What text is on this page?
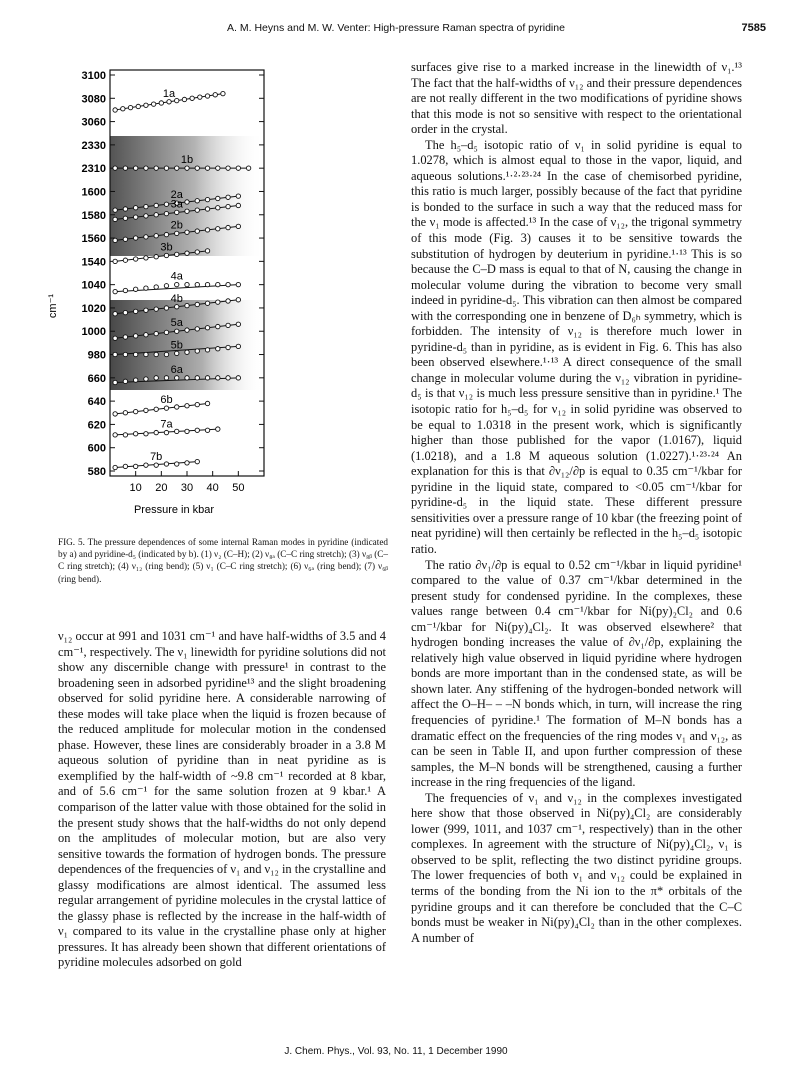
A. M. Heyns and M. W. Venter: High-pressure Raman spectra of pyridine	7585
1a
1b
2a
3a
2b
3b
4a
4b
5a
5b
6a
6b
7a
7b
3100
3080
3060
2330
2310
1600
1580
1560
1540
1040
1020
1000
980
660
640
620
600
580
10 20 30 40 50
cm⁻¹
Pressure in kbar
FIG. 5. The pressure dependences of some internal Raman modes in pyridine (indicated by a) and pyridine-d₅ (indicated by b). (1) ν₂ (C–H); (2) ν₈ₐ (C–C ring stretch); (3) ν₈ᵦ (C–C ring stretch); (4) ν₁₂ (ring bend); (5) ν₁ (C–C ring stretch); (6) ν₆ₐ (ring bend); (7) ν₆ᵦ (ring bend).

ν₁₂ occur at 991 and 1031 cm⁻¹ and have half-widths of 3.5 and 4 cm⁻¹, respectively. The ν₁ linewidth for pyridine solutions did not show any discernible change with pressure¹ in contrast to the broadening seen in adsorbed pyridine¹³ and the slight broadening observed for solid pyridine here. A considerable narrowing of these modes will take place when the liquid is frozen because of the reduced amplitude for molecular motion in the condensed phase. However, these lines are considerably broader in a 3.8 M aqueous solution of pyridine than in neat pyridine as is exemplified by the half-width of ~9.8 cm⁻¹ recorded at 8 kbar, and of 5.6 cm⁻¹ for the same solution frozen at 9 kbar.¹ A comparison of the latter value with those obtained for the solid in the present study shows that the half-widths do not only depend on the amplitudes of molecular motion, but are also very sensitive towards the formation of hydrogen bonds. The pressure dependences of the frequencies of ν₁ and ν₁₂ in the crystalline and glassy modifications are almost identical. The assumed less regular arrangement of pyridine molecules in the crystal lattice of the glassy phase is reflected by the increase in the half-width of ν₁ compared to its value in the crystalline phase only at higher pressures. It has already been shown that different orientations of pyridine molecules adsorbed on gold

surfaces give rise to a marked increase in the linewidth of ν₁.¹³ The fact that the half-widths of ν₁₂ and their pressure dependences are not really different in the two modifications of pyridine shows that this mode is not so sensitive with respect to the orientational order in the crystal.

The h₅–d₅ isotopic ratio of ν₁ in solid pyridine is equal to 1.0278, which is almost equal to those in the vapor, liquid, and aqueous solutions.¹·²·²³·²⁴ In the case of chemisorbed pyridine, this ratio is much larger, possibly because of the fact that pyridine is bonded to the surface in such a way that the reduced mass for the ν₁ mode is affected.¹³ In the case of ν₁₂, the trigonal symmetry of this mode (Fig. 3) causes it to be sensitive towards the substitution of hydrogen by deuterium in pyridine.¹·¹³ This is so because the C–D mass is equal to that of N, causing the change in molecular volume during the vibration to become very small indeed in pyridine-d₅. This vibration can then almost be compared with the corresponding one in benzene of D₆ₕ symmetry, which is forbidden. The intensity of ν₁₂ is therefore much lower in pyridine-d₅ than in pyridine, as is evident in Fig. 6. This has also been observed elsewhere.¹·¹³ A direct consequence of the small change in molecular volume during the ν₁₂ vibration in pyridine-d₅ is that ν₁₂ is much less pressure sensitive than in pyridine.¹ The isotopic ratio for h₅–d₅ for ν₁₂ in solid pyridine was observed to be equal to 1.0318 in the present work, which is significantly higher than those published for the vapor (1.0167), liquid (1.0218), and a 1.8 M aqueous solution (1.0227).¹·²³·²⁴ An explanation for this is that ∂ν₁₂/∂p is equal to 0.35 cm⁻¹/kbar for pyridine in the liquid state, compared to <0.05 cm⁻¹/kbar for pyridine-d₅ in the liquid state. These different pressure sensitivities over a pressure range of 10 kbar (the freezing point of neat pyridine) will then certainly be reflected in the h₅–d₅ isotopic ratio.

The ratio ∂ν₁/∂p is equal to 0.52 cm⁻¹/kbar in liquid pyridine¹ compared to the value of 0.37 cm⁻¹/kbar determined in the present study for condensed pyridine. In the complexes, these values range between 0.4 cm⁻¹/kbar for Ni(py)₂Cl₂ and 0.6 cm⁻¹/kbar for Ni(py)₄Cl₂. It was observed elsewhere² that hydrogen bonding increases the value of ∂ν₁/∂p, explaining the relatively high value observed in liquid pyridine where hydrogen bonds are more important than in the condensed state, as will be shown later. Any stiffening of the hydrogen-bonded network will affect the O–H– – –N bonds which, in turn, will increase the ring frequencies of pyridine.¹ The formation of M–N bonds has a dramatic effect on the frequencies of the ring modes ν₁ and ν₁₂, as can be seen in Table II, and upon further compression of these samples, the M–N bonds will be strengthened, causing a further increase in the ring frequencies of the ligand.

The frequencies of ν₁ and ν₁₂ in the complexes investigated here show that those observed in Ni(py)₄Cl₂ are considerably lower (999, 1011, and 1037 cm⁻¹, respectively) than in the other complexes. In agreement with the structure of Ni(py)₄Cl₂, ν₁ is observed to be split, reflecting the two distinct pyridine groups. The lower frequencies of both ν₁ and ν₁₂ could be explained in terms of the bonding from the Ni ion to the π* orbitals of the pyridine groups and it can therefore be concluded that the C–C bonds must be weaker in Ni(py)₄Cl₂ than in the other complexes. A number of

J. Chem. Phys., Vol. 93, No. 11, 1 December 1990
